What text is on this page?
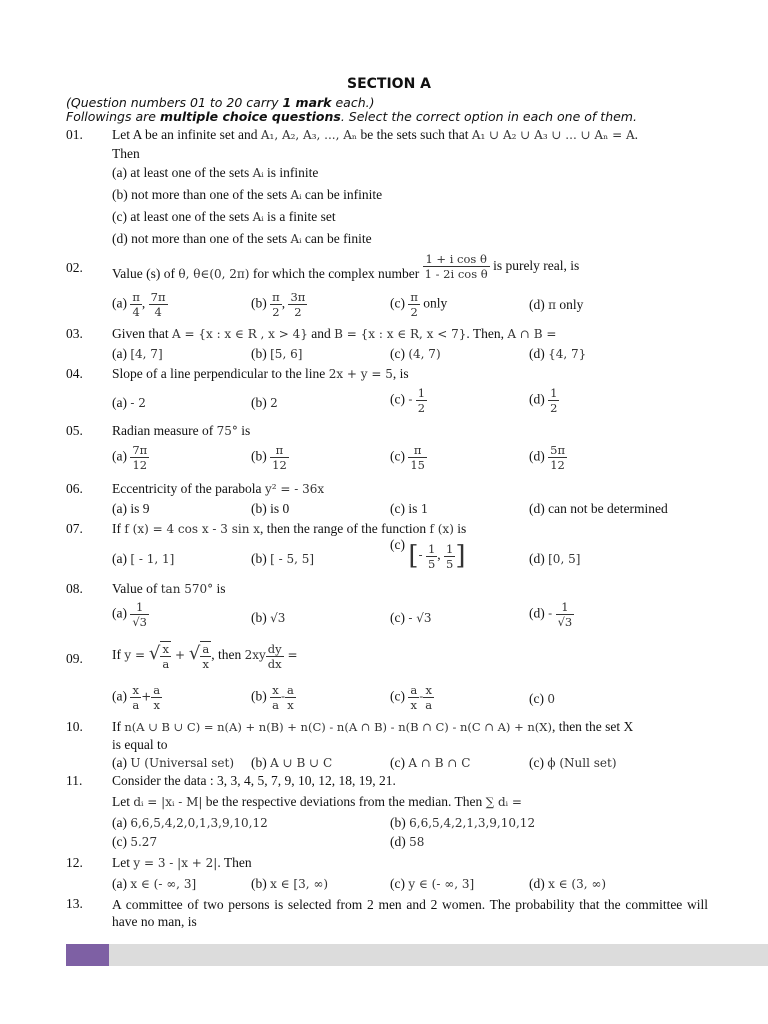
SECTION A
(Question numbers 01 to 20 carry 1 mark each.)
Followings are multiple choice questions. Select the correct option in each one of them.
01. Let A be an infinite set and A₁, A₂, A₃, ..., Aₙ be the sets such that A₁ ∪ A₂ ∪ A₃ ∪ ... ∪ Aₙ = A.
Then
(a) at least one of the sets Aᵢ is infinite
(b) not more than one of the sets Aᵢ can be infinite
(c) at least one of the sets Aᵢ is a finite set
(d) not more than one of the sets Aᵢ can be finite
02. Value (s) of θ, θ∈(0, 2π) for which the complex number $\frac{\text{1 + i cos θ}}{\text{1 - 2i cos θ}}$ is purely real, is
$(a) \frac{\pi}{4}$ , $\frac{7\pi}{4}$	$(b) \frac{\pi}{2}$ , $\frac{3\pi}{2}$	$(c) \frac{\pi}{2}$ only	(d) π only
03. Given that A = {x : x ∈ R , x > 4} and B = {x : x ∈ R, x < 7}. Then, A ∩ B =
(a) [4, 7]	(b) [5, 6]	(c) (4, 7)	(d) {4, 7}
04. Slope of a line perpendicular to the line 2x + y = 5, is
(a) - 2	(b) 2	$(c) - \frac{1}{2}$	$(d) \frac{1}{2}$
05. Radian measure of 75° is
$(a) \frac{7\pi}{12}$	$(b) \frac{\pi}{12}$	$(c) \frac{\pi}{15}$	$(d) \frac{5\pi}{12}$
06. Eccentricity of the parabola y² = - 36x
(a) is 9	(b) is 0	(c) is 1	(d) can not be determined
07. If f (x) = 4 cos x - 3 sin x, then the range of the function f (x) is
(a) [ - 1, 1]	(b) [ - 5, 5]
(c) [- $\frac{1}{5}$ , $\frac{1}{5}$ ]	(d) [0, 5]
08. Value of tan 570° is
$(a) \frac{1}{√3}$	(b) √3	(c) - √3	$(d) - \frac{1}{√3}$
09. If y = √ $\frac{x}{a}$ + √ $\frac{a}{x}$ , then $2xy \frac{dy}{dx}$ =
$(a) \frac{x}{a} + \frac{a}{x}$	$(b) \frac{x}{a} - \frac{a}{x}$	$(c) \frac{a}{x} - \frac{x}{a}$	(c) 0
10. If n(A ∪ B ∪ C) = n(A) + n(B) + n(C) - n(A ∩ B) - n(B ∩ C) - n(C ∩ A) + n(X), then the set X
is equal to
(a) U (Universal set) (b) A ∪ B ∪ C	(c) A ∩ B ∩ C	(c) ϕ (Null set)
11. Consider the data : 3, 3, 4, 5, 7, 9, 10, 12, 18, 19, 21.
Let dᵢ = |xᵢ - M| be the respective deviations from the median. Then ∑ dᵢ =
(a) 6,6,5,4,2,0,1,3,9,10,12	(b) 6,6,5,4,2,1,3,9,10,12
(c) 5.27	(d) 58
12. Let y = 3 - |x + 2|. Then
(a) x ∈ (- ∞, 3]	(b) x ∈ [3, ∞)	(c) y ∈ (- ∞, 3]	(d) x ∈ (3, ∞)
13. A committee of two persons is selected from 2 men and 2 women. The probability that the committee will have no man, is
